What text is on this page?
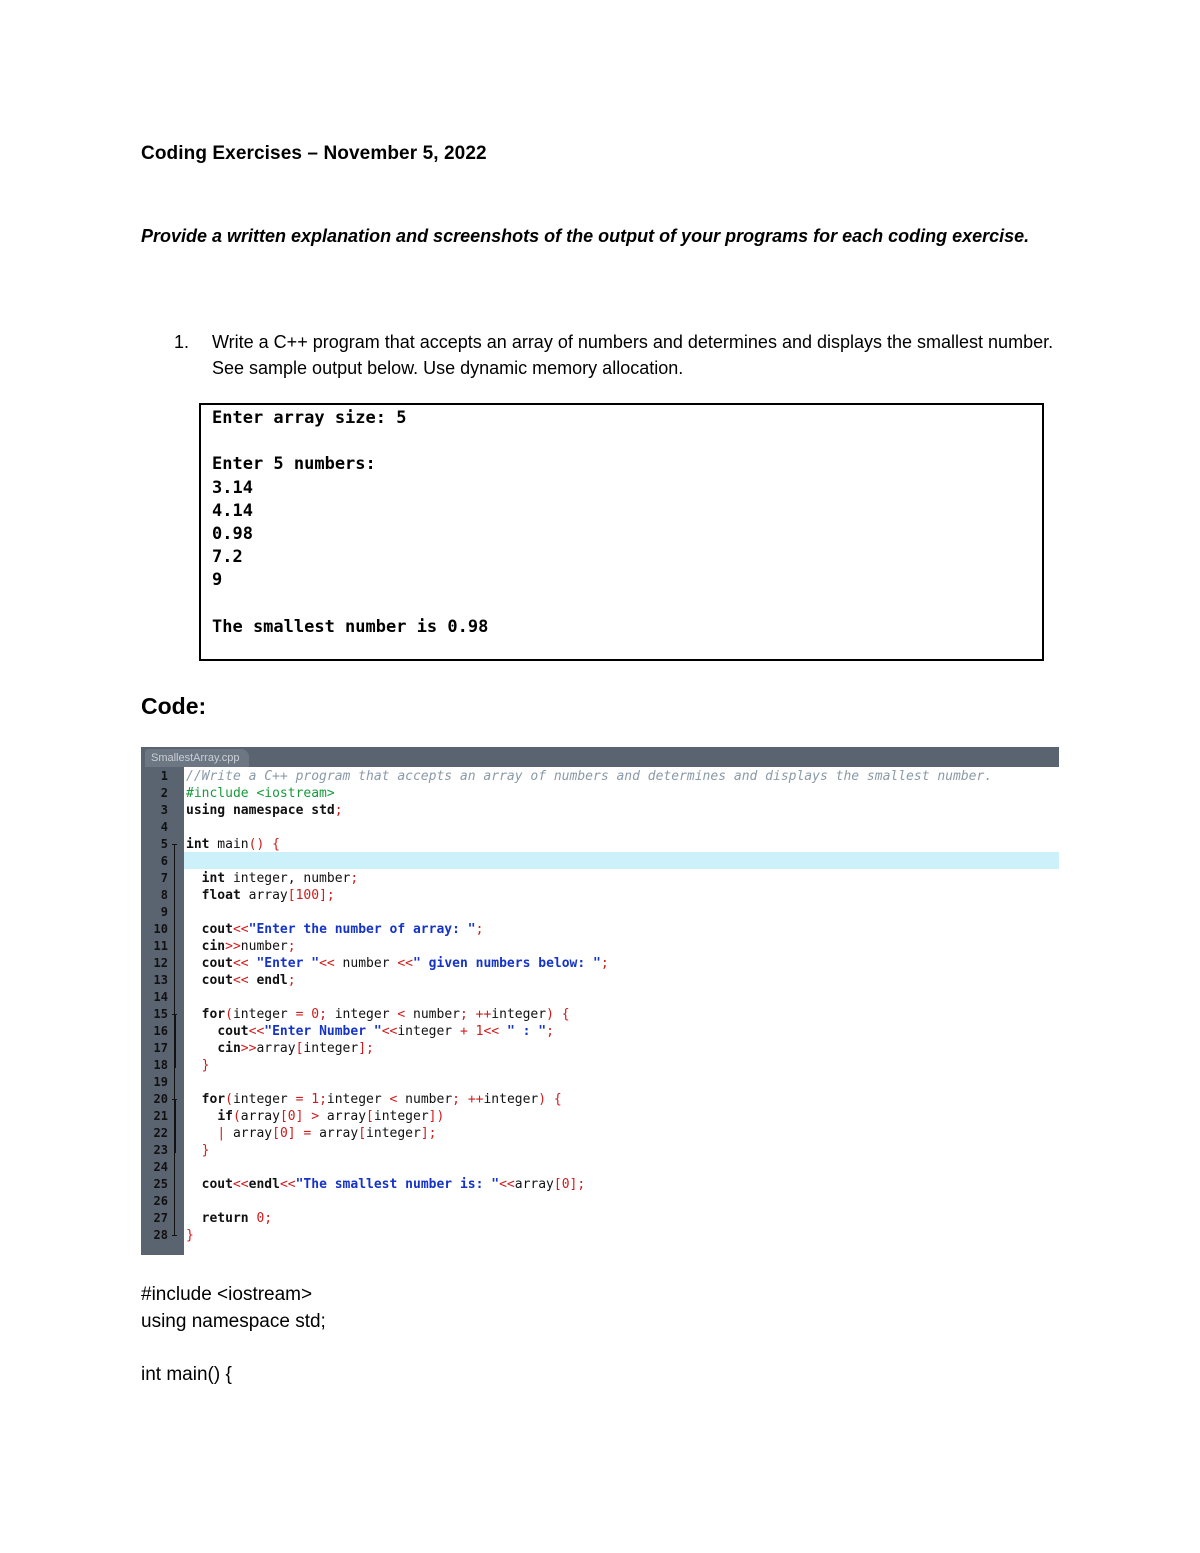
Coding Exercises – November 5, 2022
Provide a written explanation and screenshots of the output of your programs for each coding exercise.
1. Write a C++ program that accepts an array of numbers and determines and displays the smallest number. See sample output below. Use dynamic memory allocation.
Enter array size: 5

Enter 5 numbers:
3.14
4.14
0.98
7.2
9

The smallest number is 0.98
Code:
SmallestArray.cpp
1
2
3
4
5
6
7
8
9
10
11
12
13
14
15
16
17
18
19
20
21
22
23
24
25
26
27
28
//Write a C++ program that accepts an array of numbers and determines and displays the smallest number.
#include <iostream>
using namespace std;
int main() {
int integer, number;
float array[100];
cout<<"Enter the number of array: ";
cin>>number;
cout<< "Enter "<< number <<" given numbers below: ";
cout<< endl;
for(integer = 0; integer < number; ++integer) {
cout<<"Enter Number "<<integer + 1<< " : ";
cin>>array[integer];
}
for(integer = 1;integer < number; ++integer) {
if(array[0] > array[integer])
| array[0] = array[integer];
}
cout<<endl<<"The smallest number is: "<<array[0];
return 0;
}
#include <iostream>
using namespace std;
int main() {
